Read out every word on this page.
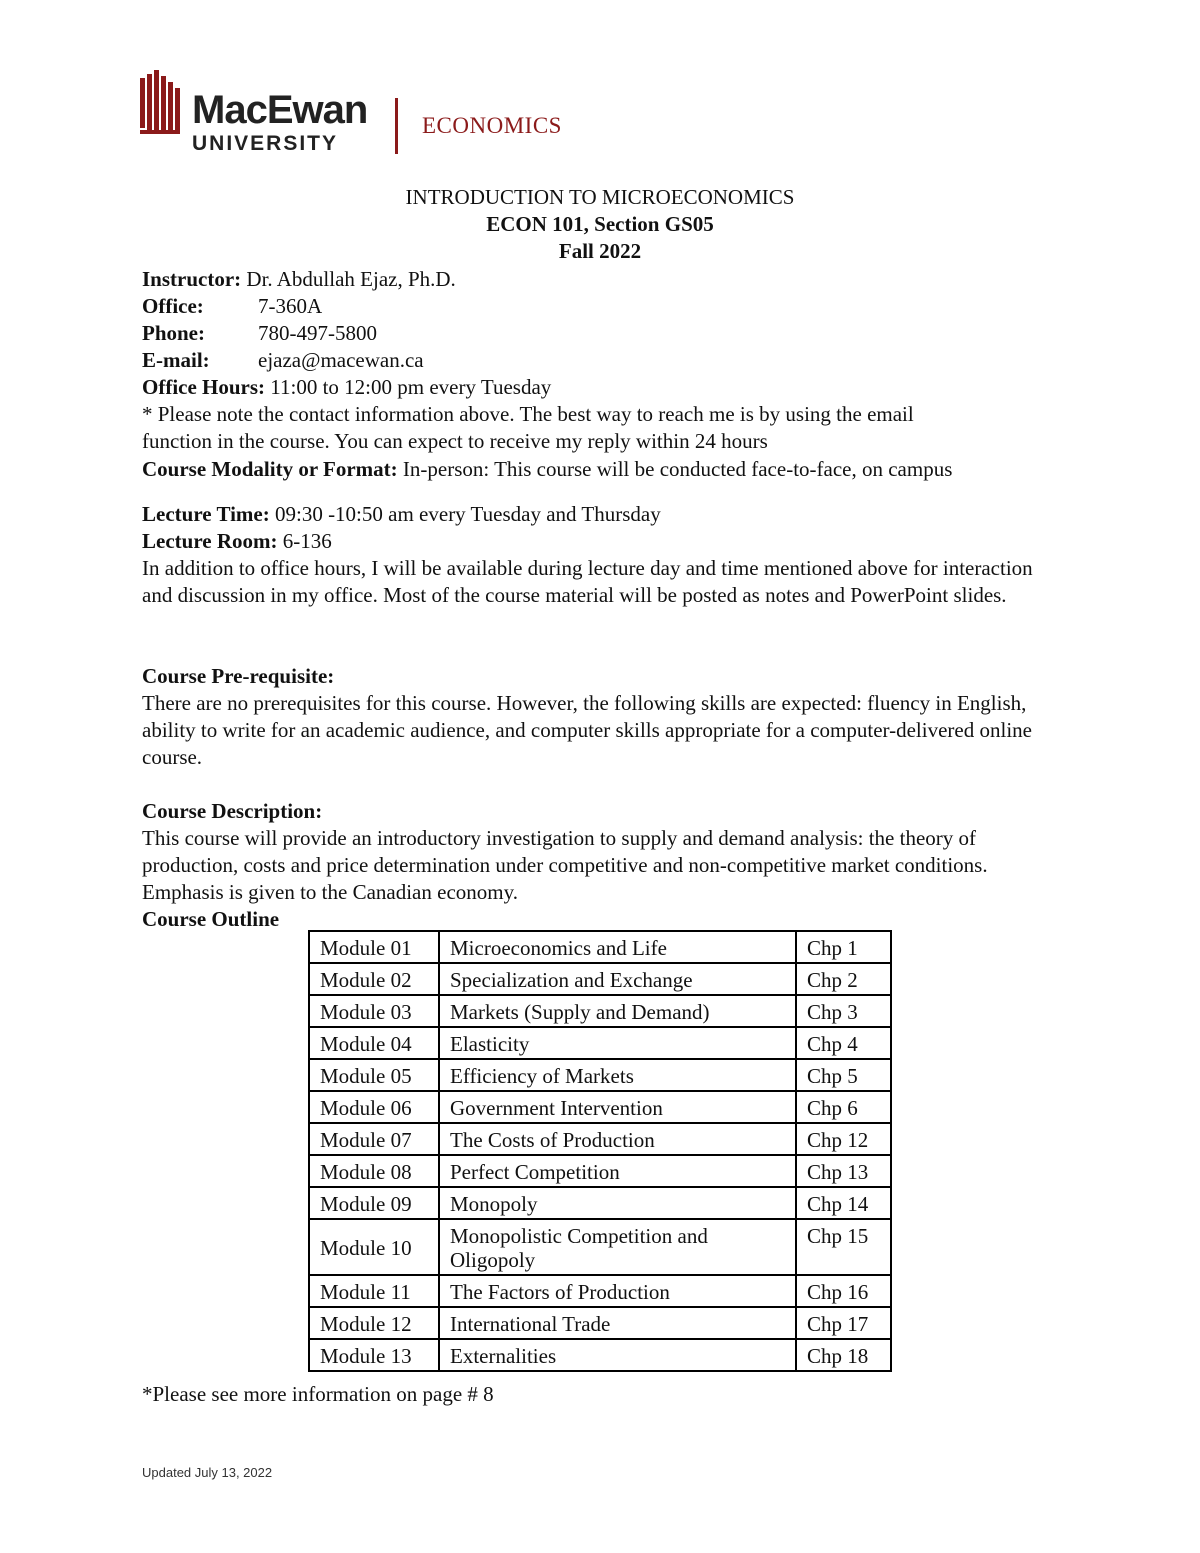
MacEwan
UNIVERSITY
ECONOMICS
INTRODUCTION TO MICROECONOMICS
ECON 101, Section GS05
Fall 2022
Instructor: Dr. Abdullah Ejaz, Ph.D.
Office:	7-360A
Phone:	780-497-5800
E-mail: ejaza@macewan.ca
Office Hours: 11:00 to 12:00 pm every Tuesday
* Please note the contact information above. The best way to reach me is by using the email
function in the course. You can expect to receive my reply within 24 hours
Course Modality or Format: In-person: This course will be conducted face-to-face, on campus
Lecture Time: 09:30 -10:50 am every Tuesday and Thursday
Lecture Room: 6-136
In addition to office hours, I will be available during lecture day and time mentioned above for interaction and discussion in my office. Most of the course material will be posted as notes and PowerPoint slides.
Course Pre-requisite:
There are no prerequisites for this course. However, the following skills are expected: fluency in English, ability to write for an academic audience, and computer skills appropriate for a computer-delivered online course.
Course Description:
This course will provide an introductory investigation to supply and demand analysis: the theory of production, costs and price determination under competitive and non-competitive market conditions. Emphasis is given to the Canadian economy.
Course Outline
Module 01	Microeconomics and Life	Chp 1
Module 02	Specialization and Exchange	Chp 2
Module 03	Markets (Supply and Demand)	Chp 3
Module 04	Elasticity	Chp 4
Module 05	Efficiency of Markets	Chp 5
Module 06	Government Intervention	Chp 6
Module 07	The Costs of Production	Chp 12
Module 08	Perfect Competition	Chp 13
Module 09	Monopoly	Chp 14
Module 10	Monopolistic Competition and Oligopoly	Chp 15
Module 11	The Factors of Production	Chp 16
Module 12	International Trade	Chp 17
Module 13	Externalities	Chp 18
*Please see more information on page # 8
Updated July 13, 2022
